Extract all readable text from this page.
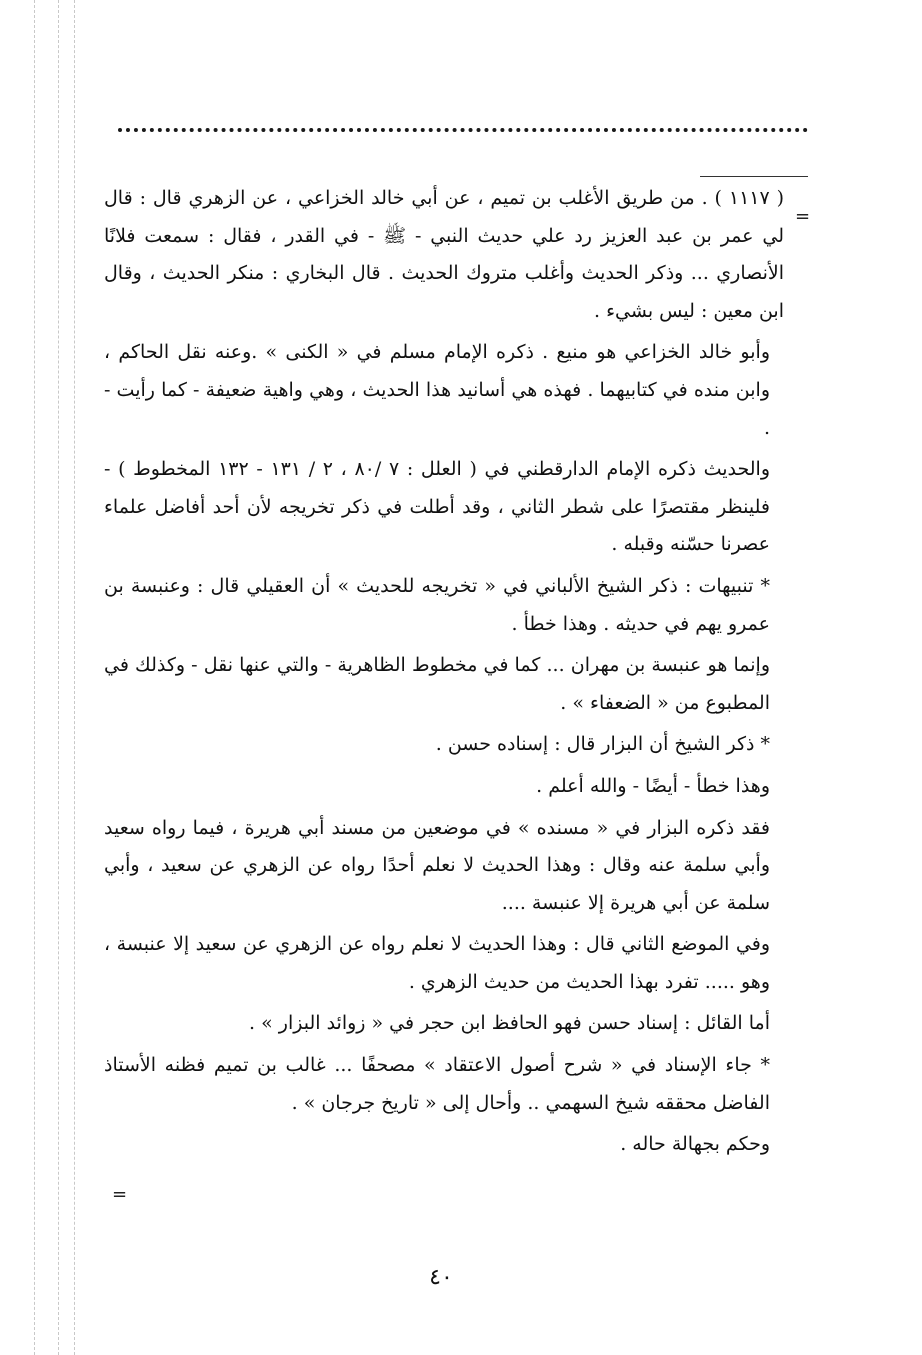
=

( ١١١٧ ) . من طريق الأغلب بن تميم ، عن أبي خالد الخزاعي ، عن الزهري قال : قال لي عمر بن عبد العزيز رد علي حديث النبي - ﷺ - في القدر ، فقال : سمعت فلانًا الأنصاري ... وذكر الحديث وأغلب متروك الحديث . قال البخاري : منكر الحديث ، وقال ابن معين : ليس بشيء .

وأبو خالد الخزاعي هو منيع . ذكره الإمام مسلم في « الكنى » .وعنه نقل الحاكم ، وابن منده في كتابيهما . فهذه هي أسانيد هذا الحديث ، وهي واهية ضعيفة - كما رأيت - .

والحديث ذكره الإمام الدارقطني في ( العلل : ٧ /٨٠ ، ٢ / ١٣١ - ١٣٢ المخطوط ) - فلينظر مقتصرًا على شطر الثاني ، وقد أطلت في ذكر تخريجه لأن أحد أفاضل علماء عصرنا حسّنه وقبله .

* تنبيهات : ذكر الشيخ الألباني في « تخريجه للحديث » أن العقيلي قال : وعنبسة بن عمرو يهم في حديثه . وهذا خطأ .

وإنما هو عنبسة بن مهران ... كما في مخطوط الظاهرية - والتي عنها نقل - وكذلك في المطبوع من « الضعفاء » .

* ذكر الشيخ أن البزار قال : إسناده حسن .

وهذا خطأ - أيضًا - والله أعلم .

فقد ذكره البزار في « مسنده » في موضعين من مسند أبي هريرة ، فيما رواه سعيد وأبي سلمة عنه وقال : وهذا الحديث لا نعلم أحدًا رواه عن الزهري عن سعيد ، وأبي سلمة عن أبي هريرة إلا عنبسة ....

وفي الموضع الثاني قال : وهذا الحديث لا نعلم رواه عن الزهري عن سعيد إلا عنبسة ، وهو ..... تفرد بهذا الحديث من حديث الزهري .

أما القائل : إسناد حسن فهو الحافظ ابن حجر في « زوائد البزار » .

* جاء الإسناد في « شرح أصول الاعتقاد » مصحفًا ... غالب بن تميم فظنه الأستاذ الفاضل محققه شيخ السهمي .. وأحال إلى « تاريخ جرجان » .

وحكم بجهالة حاله .

=
٤٠
